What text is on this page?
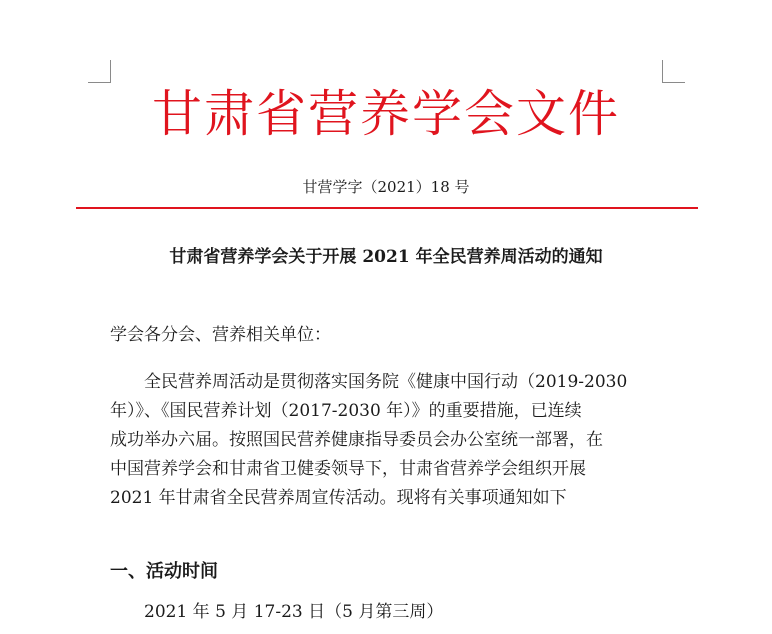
甘肃省营养学会文件
甘营学字（2021）18 号
甘肃省营养学会关于开展 2021 年全民营养周活动的通知
学会各分会、营养相关单位：
全民营养周活动是贯彻落实国务院《健康中国行动（2019-2030
年）》、《国民营养计划（2017-2030 年）》的重要措施，已连续
成功举办六届。按照国民营养健康指导委员会办公室统一部署，在
中国营养学会和甘肃省卫健委领导下，甘肃省营养学会组织开展
2021 年甘肃省全民营养周宣传活动。现将有关事项通知如下
一、活动时间
2021 年 5 月 17-23 日（5 月第三周）
